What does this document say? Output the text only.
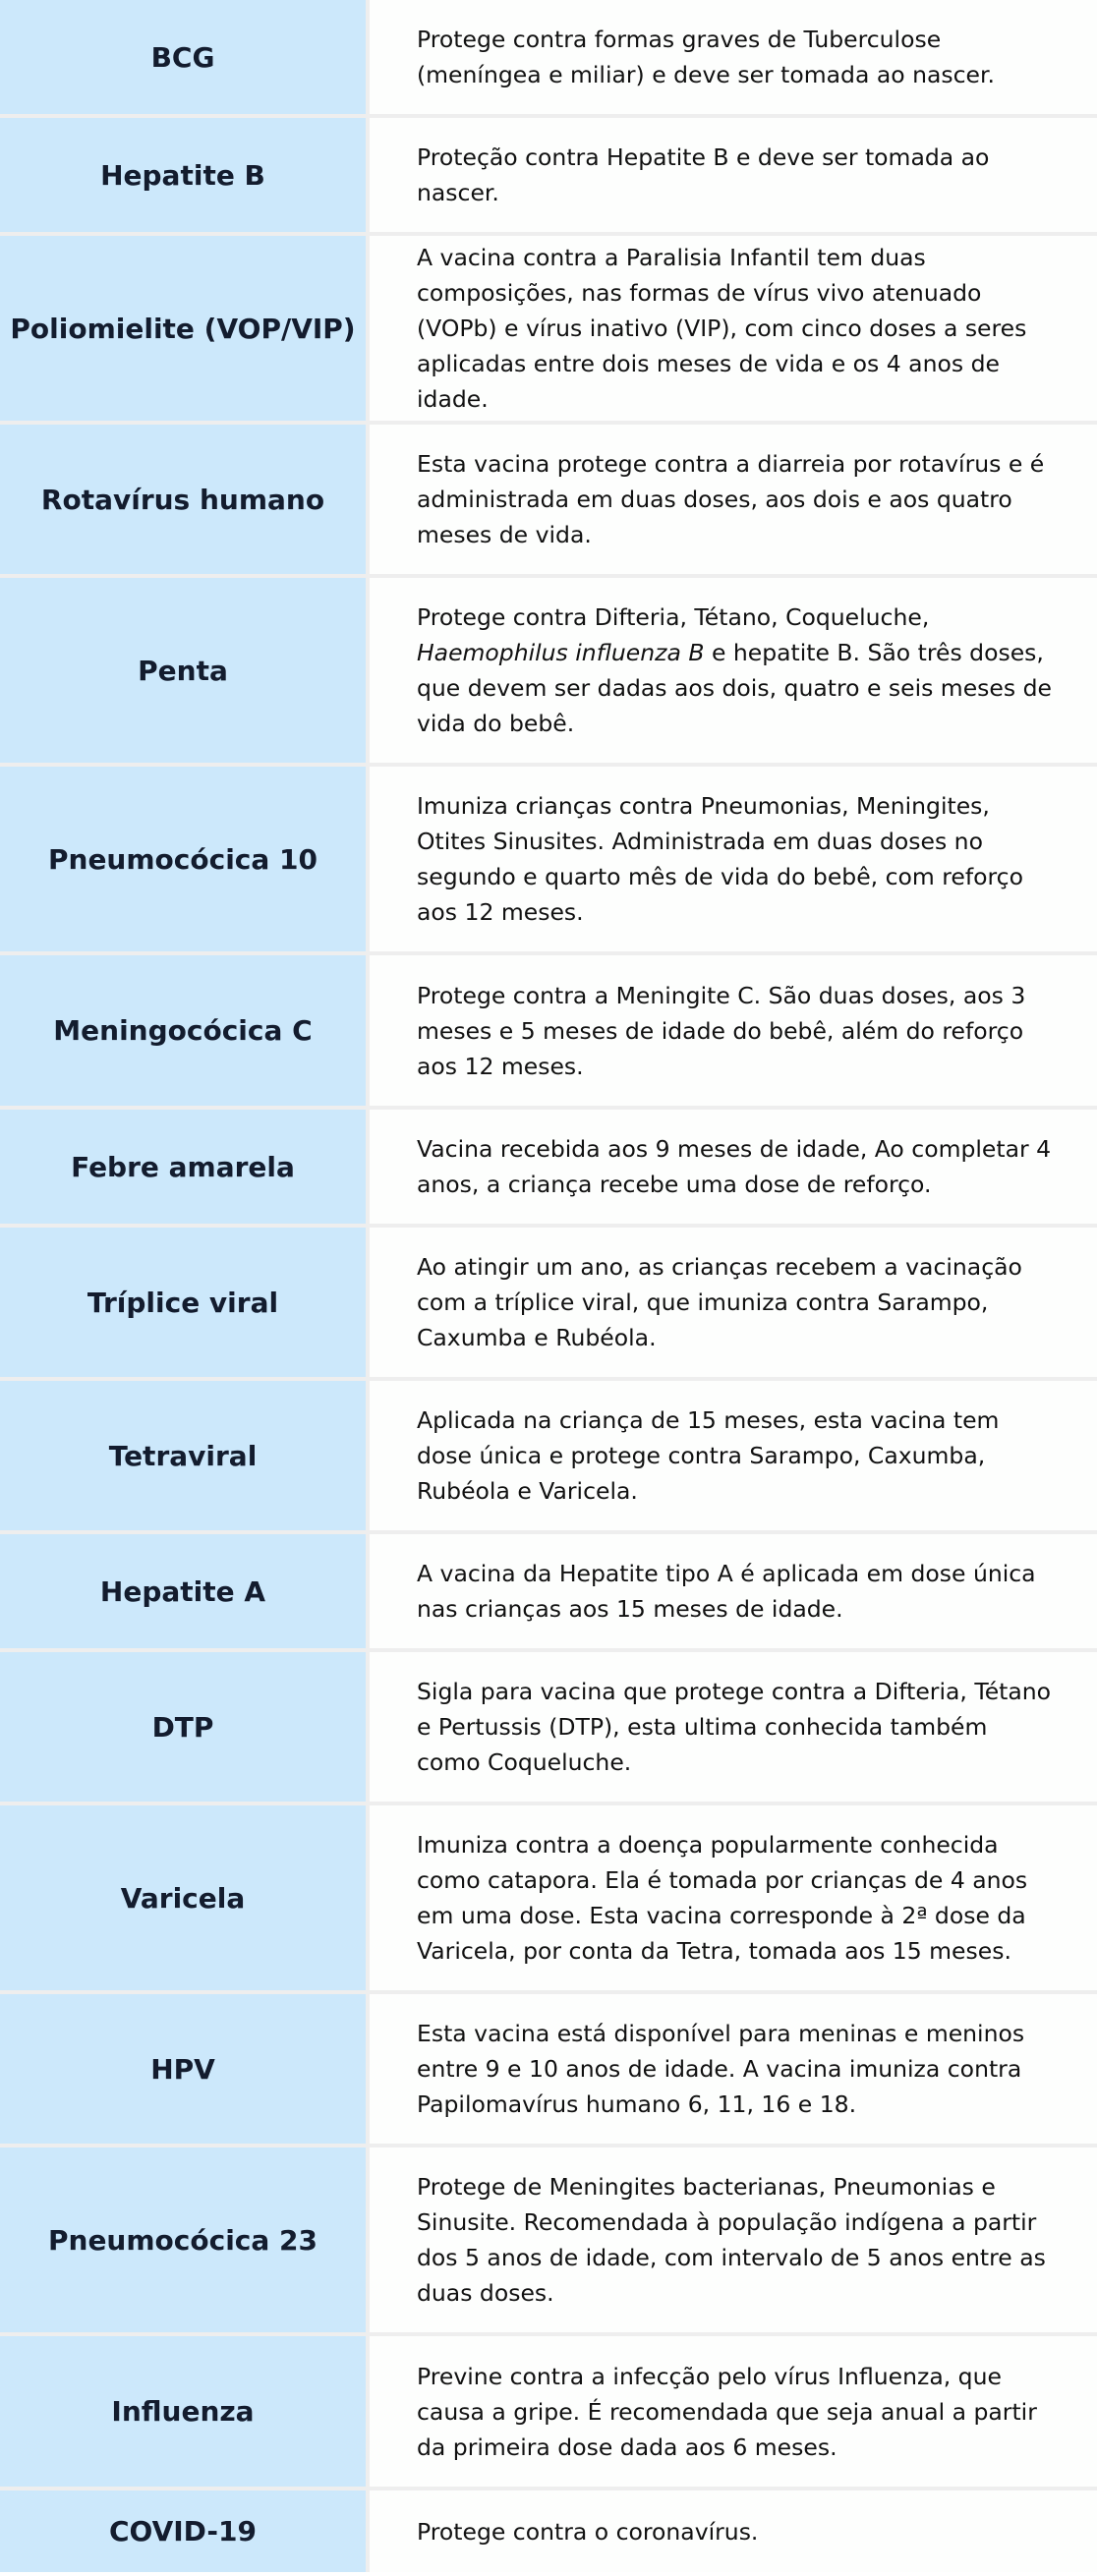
BCG	Protege contra formas graves de Tuberculose (meníngea e miliar) e deve ser tomada ao nascer.

Hepatite B	Proteção contra Hepatite B e deve ser tomada ao nascer.

Poliomielite (VOP/VIP)	A vacina contra a Paralisia Infantil tem duas composições, nas formas de vírus vivo atenuado (VOPb) e vírus inativo (VIP), com cinco doses a seres aplicadas entre dois meses de vida e os 4 anos de idade.

Rotavírus humano	Esta vacina protege contra a diarreia por rotavírus e é administrada em duas doses, aos dois e aos quatro meses de vida.

Penta	Protege contra Difteria, Tétano, Coqueluche, Haemophilus influenza B e hepatite B. São três doses, que devem ser dadas aos dois, quatro e seis meses de vida do bebê.

Pneumocócica 10	Imuniza crianças contra Pneumonias, Meningites, Otites Sinusites. Administrada em duas doses no segundo e quarto mês de vida do bebê, com reforço aos 12 meses.

Meningocócica C	Protege contra a Meningite C. São duas doses, aos 3 meses e 5 meses de idade do bebê, além do reforço aos 12 meses.

Febre amarela	Vacina recebida aos 9 meses de idade, Ao completar 4 anos, a criança recebe uma dose de reforço.

Tríplice viral	Ao atingir um ano, as crianças recebem a vacinação com a tríplice viral, que imuniza contra Sarampo, Caxumba e Rubéola.

Tetraviral	Aplicada na criança de 15 meses, esta vacina tem dose única e protege contra Sarampo, Caxumba, Rubéola e Varicela.

Hepatite A	A vacina da Hepatite tipo A é aplicada em dose única nas crianças aos 15 meses de idade.

DTP	Sigla para vacina que protege contra a Difteria, Tétano e Pertussis (DTP), esta ultima conhecida também como Coqueluche.

Varicela	Imuniza contra a doença popularmente conhecida como catapora. Ela é tomada por crianças de 4 anos em uma dose. Esta vacina corresponde à 2ª dose da Varicela, por conta da Tetra, tomada aos 15 meses.

HPV	Esta vacina está disponível para meninas e meninos entre 9 e 10 anos de idade. A vacina imuniza contra Papilomavírus humano 6, 11, 16 e 18.

Pneumocócica 23	Protege de Meningites bacterianas, Pneumonias e Sinusite. Recomendada à população indígena a partir dos 5 anos de idade, com intervalo de 5 anos entre as duas doses.

Influenza	Previne contra a infecção pelo vírus Influenza, que causa a gripe. É recomendada que seja anual a partir da primeira dose dada aos 6 meses.

COVID-19	Protege contra o coronavírus.
